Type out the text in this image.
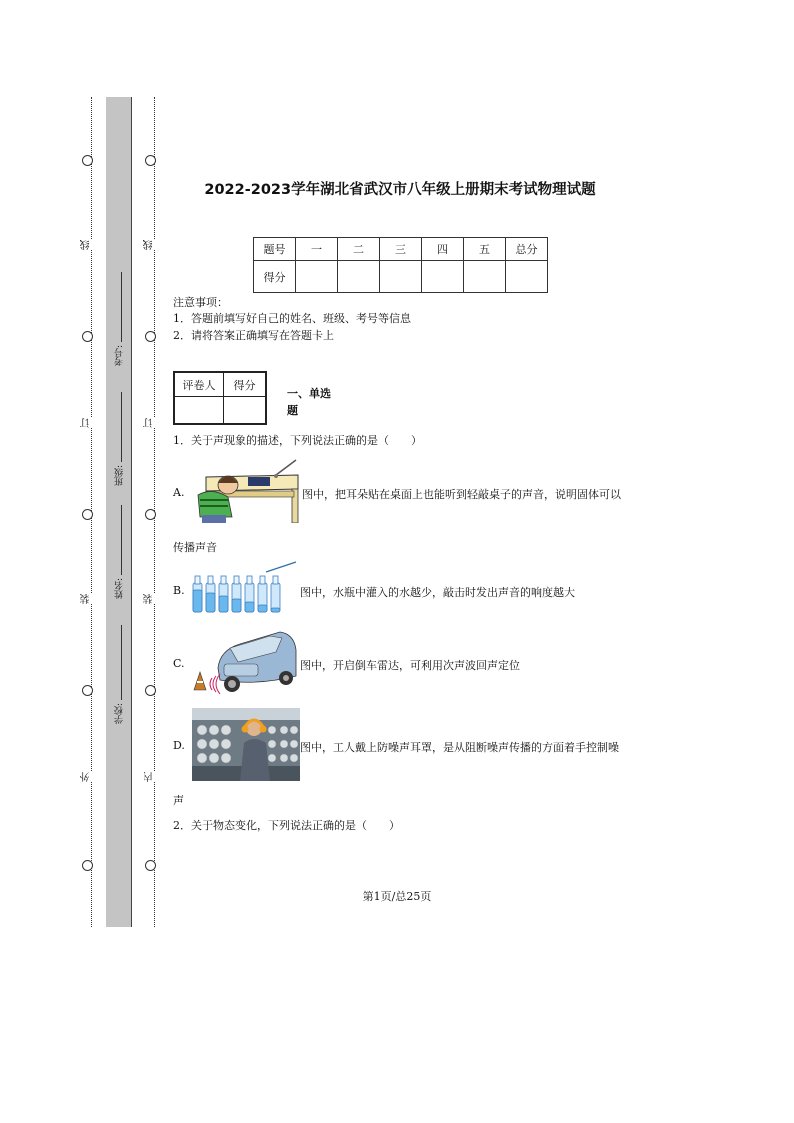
线
订
装
外
线
订
装
内
考号:
班级:
姓名:
学校:
2022-2023学年湖北省武汉市八年级上册期末考试物理试题
题号	一	二	三	四	五	总分
得分						
注意事项：
1．答题前填写好自己的姓名、班级、考号等信息
2．请将答案正确填写在答题卡上
评卷人	得分

一、单选
题
1．关于声现象的描述，下列说法正确的是（　　）
A.	图中，把耳朵贴在桌面上也能听到轻敲桌子的声音，说明固体可以
传播声音
B.	图中，水瓶中灌入的水越少，敲击时发出声音的响度越大
C.	图中，开启倒车雷达，可利用次声波回声定位
D.	图中，工人戴上防噪声耳罩，是从阻断噪声传播的方面着手控制噪
声
2．关于物态变化，下列说法正确的是（　　）
第1页/总25页
